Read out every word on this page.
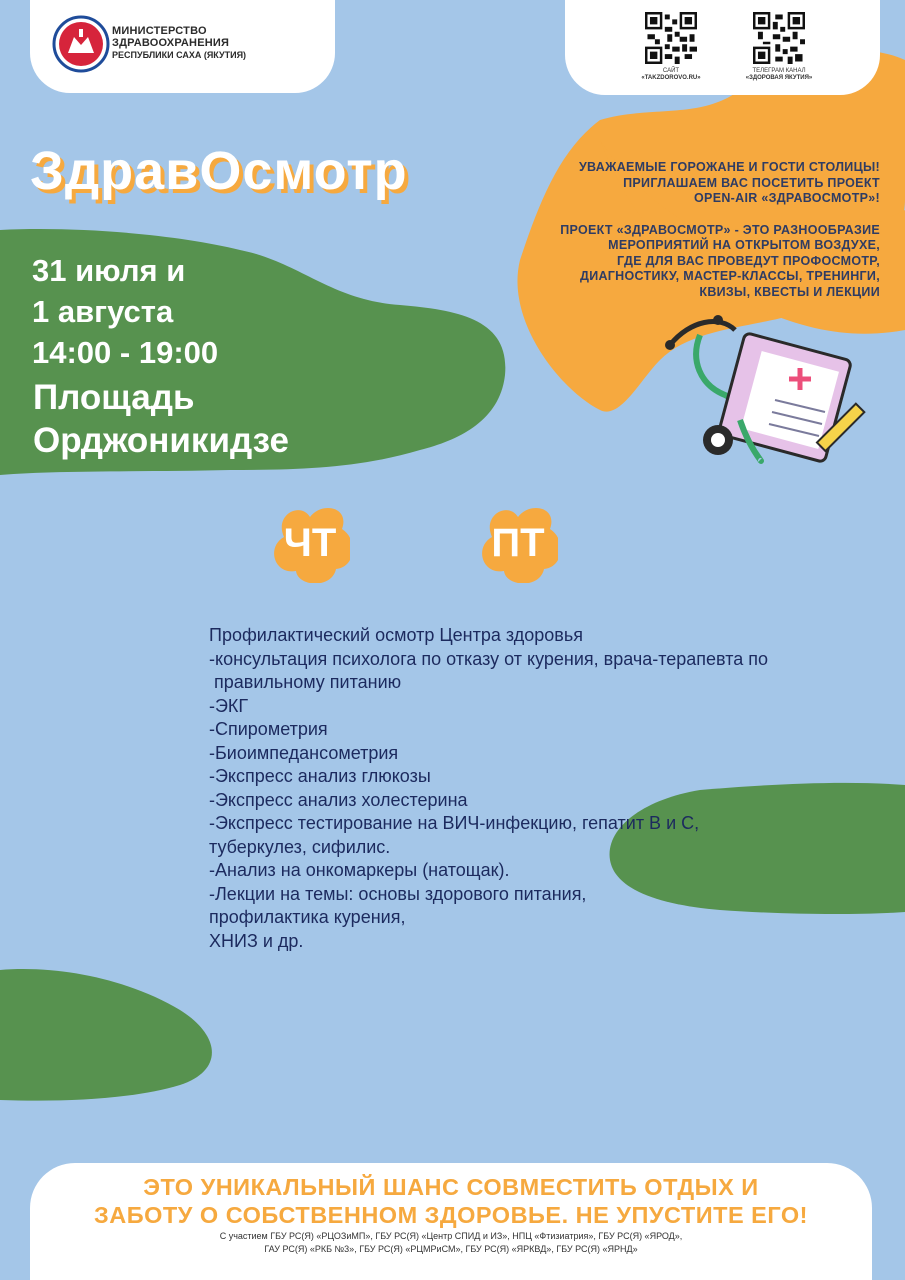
МИНИСТЕРСТВО
ЗДРАВООХРАНЕНИЯ
РЕСПУБЛИКИ САХА (ЯКУТИЯ)
САЙТ
«TAKZDOROVO.RU»
ТЕЛЕГРАМ КАНАЛ
«ЗДОРОВАЯ ЯКУТИЯ»
ЗдравОсмотр	УВАЖАЕМЫЕ ГОРОЖАНЕ И ГОСТИ СТОЛИЦЫ!
ПРИГЛАШАЕМ ВАС ПОСЕТИТЬ ПРОЕКТ
OPEN-AIR «ЗДРАВОСМОТР»!

ПРОЕКТ «ЗДРАВОСМОТР» - ЭТО РАЗНООБРАЗИЕ
МЕРОПРИЯТИЙ НА ОТКРЫТОМ ВОЗДУХЕ,
ГДЕ ДЛЯ ВАС ПРОВЕДУТ ПРОФОСМОТР,
ДИАГНОСТИКУ, МАСТЕР-КЛАССЫ, ТРЕНИНГИ,
КВИЗЫ, КВЕСТЫ И ЛЕКЦИИ

31 июля и
1 августа
14:00 - 19:00
Площадь
Орджоникидзе
ЧТ	ПТ
Профилактический осмотр Центра здоровья
-консультация психолога по отказу от курения, врача-терапевта по
правильному питанию
-ЭКГ
-Спирометрия
-Биоимпедансометрия
-Экспресс анализ глюкозы
-Экспресс анализ холестерина
-Экспресс тестирование на ВИЧ-инфекцию, гепатит В и С,
туберкулез, сифилис.
-Анализ на онкомаркеры (натощак).
-Лекции на темы: основы здорового питания,
профилактика курения,
ХНИЗ и др.
ЭТО УНИКАЛЬНЫЙ ШАНС СОВМЕСТИТЬ ОТДЫХ И
ЗАБОТУ О СОБСТВЕННОМ ЗДОРОВЬЕ. НЕ УПУСТИТЕ ЕГО!
С участием ГБУ РС(Я) «РЦОЗиМП», ГБУ РС(Я) «Центр СПИД и ИЗ», НПЦ «Фтизиатрия», ГБУ РС(Я) «ЯРОД»,
ГАУ РС(Я) «РКБ №3», ГБУ РС(Я) «РЦМРиСМ», ГБУ РС(Я) «ЯРКВД», ГБУ РС(Я) «ЯРНД»
